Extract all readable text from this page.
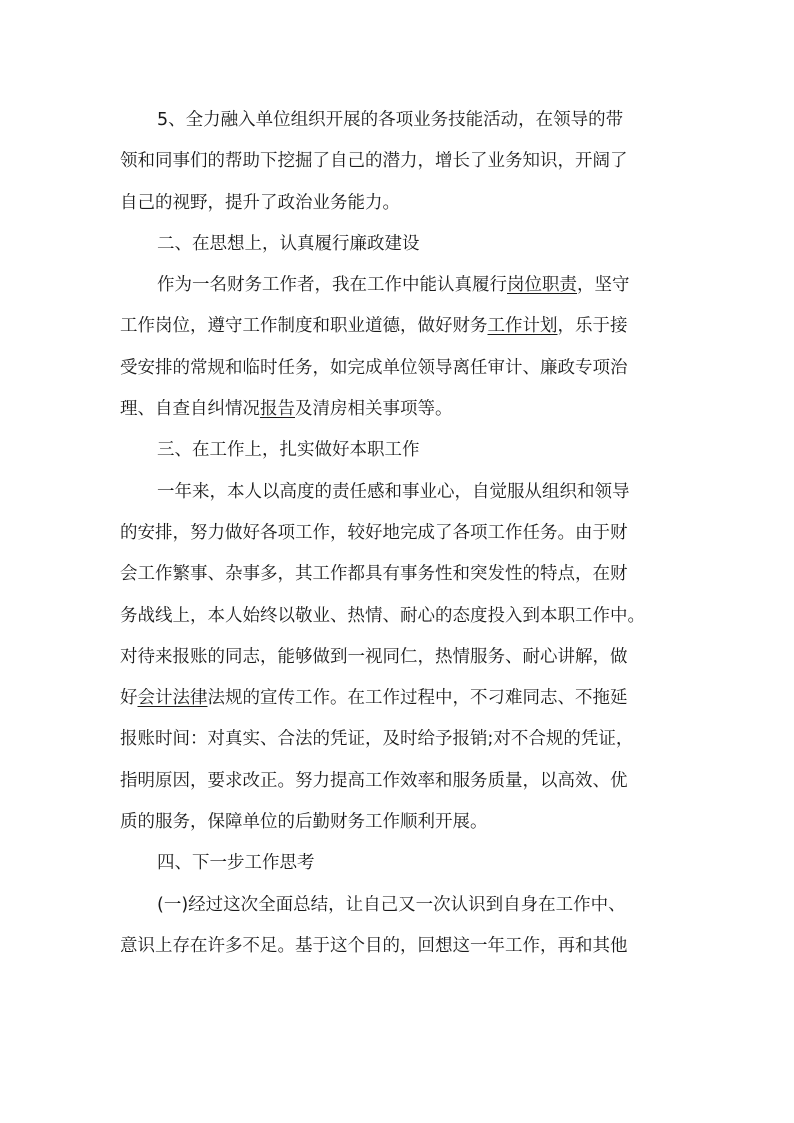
5、全力融入单位组织开展的各项业务技能活动，在领导的带
领和同事们的帮助下挖掘了自己的潜力，增长了业务知识，开阔了
自己的视野，提升了政治业务能力。
二、在思想上，认真履行廉政建设
作为一名财务工作者，我在工作中能认真履行岗位职责，坚守
工作岗位，遵守工作制度和职业道德，做好财务工作计划，乐于接
受安排的常规和临时任务，如完成单位领导离任审计、廉政专项治
理、自查自纠情况报告及清房相关事项等。
三、在工作上，扎实做好本职工作
一年来，本人以高度的责任感和事业心，自觉服从组织和领导
的安排，努力做好各项工作，较好地完成了各项工作任务。由于财
会工作繁事、杂事多，其工作都具有事务性和突发性的特点，在财
务战线上，本人始终以敬业、热情、耐心的态度投入到本职工作中。
对待来报账的同志，能够做到一视同仁，热情服务、耐心讲解，做
好会计法律法规的宣传工作。在工作过程中，不刁难同志、不拖延
报账时间：对真实、合法的凭证，及时给予报销;对不合规的凭证，
指明原因，要求改正。努力提高工作效率和服务质量，以高效、优
质的服务，保障单位的后勤财务工作顺利开展。
四、下一步工作思考
(一)经过这次全面总结，让自己又一次认识到自身在工作中、
意识上存在许多不足。基于这个目的，回想这一年工作，再和其他
